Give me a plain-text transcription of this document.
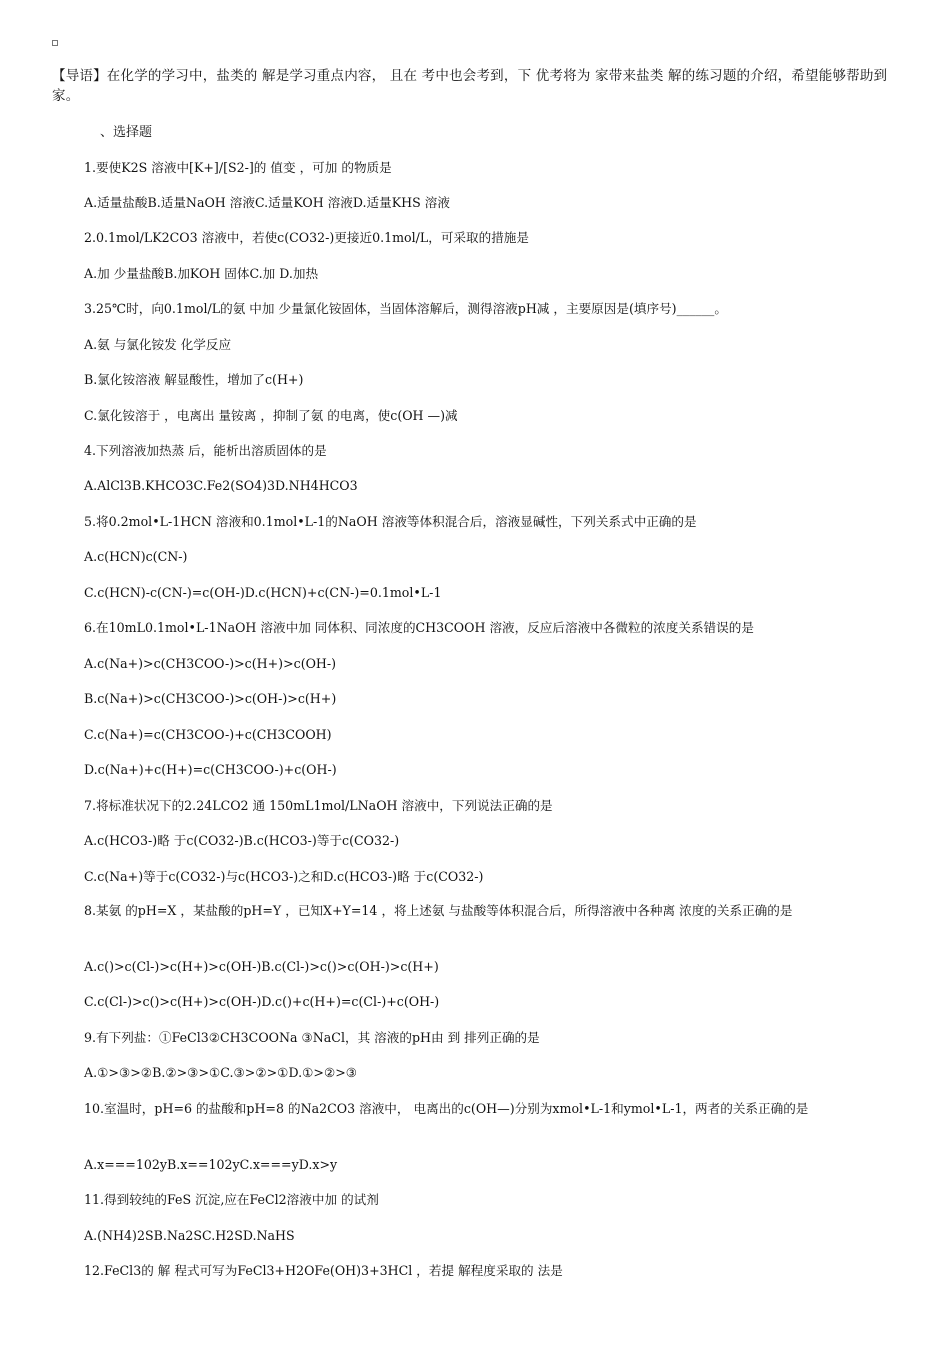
【导语】在化学的学习中，盐类的 解是学习重点内容， 且在 考中也会考到，下 优考将为 家带来盐类 解的练习题的介绍，希望能够帮助到 家。
、选择题
1.要使K2S 溶液中[K+]/[S2-]的 值变 ，可加 的物质是
A.适量盐酸B.适量NaOH 溶液C.适量KOH 溶液D.适量KHS 溶液
2.0.1mol/LK2CO3 溶液中，若使c(CO32-)更接近0.1mol/L，可采取的措施是
A.加 少量盐酸B.加KOH 固体C.加 D.加热
3.25℃时，向0.1mol/L的氨 中加 少量氯化铵固体，当固体溶解后，测得溶液pH减 ，主要原因是(填序号)______。
A.氨 与氯化铵发 化学反应
B.氯化铵溶液 解显酸性，增加了c(H+)
C.氯化铵溶于 ，电离出 量铵离 ，抑制了氨 的电离，使c(OH —)减
4.下列溶液加热蒸 后，能析出溶质固体的是
A.AlCl3B.KHCO3C.Fe2(SO4)3D.NH4HCO3
5.将0.2mol•L-1HCN 溶液和0.1mol•L-1的NaOH 溶液等体积混合后，溶液显碱性，下列关系式中正确的是
A.c(HCN)c(CN-)
C.c(HCN)-c(CN-)=c(OH-)D.c(HCN)+c(CN-)=0.1mol•L-1
6.在10mL0.1mol•L-1NaOH 溶液中加 同体积、同浓度的CH3COOH 溶液，反应后溶液中各微粒的浓度关系错误的是
A.c(Na+)>c(CH3COO-)>c(H+)>c(OH-)
B.c(Na+)>c(CH3COO-)>c(OH-)>c(H+)
C.c(Na+)=c(CH3COO-)+c(CH3COOH)
D.c(Na+)+c(H+)=c(CH3COO-)+c(OH-)
7.将标准状况下的2.24LCO2 通 150mL1mol/LNaOH 溶液中，下列说法正确的是
A.c(HCO3-)略 于c(CO32-)B.c(HCO3-)等于c(CO32-)
C.c(Na+)等于c(CO32-)与c(HCO3-)之和D.c(HCO3-)略 于c(CO32-)
8.某氨 的pH=X ，某盐酸的pH=Y ，已知X+Y=14 ，将上述氨 与盐酸等体积混合后，所得溶液中各种离 浓度的关系正确的是
A.c()>c(Cl-)>c(H+)>c(OH-)B.c(Cl-)>c()>c(OH-)>c(H+)
C.c(Cl-)>c()>c(H+)>c(OH-)D.c()+c(H+)=c(Cl-)+c(OH-)
9.有下列盐：①FeCl3②CH3COONa ③NaCl，其 溶液的pH由 到 排列正确的是
A.①>③>②B.②>③>①C.③>②>①D.①>②>③
10.室温时，pH=6 的盐酸和pH=8 的Na2CO3 溶液中， 电离出的c(OH—)分别为xmol•L-1和ymol•L-1，两者的关系正确的是
A.x===102yB.x==102yC.x===yD.x>y
11.得到较纯的FeS 沉淀,应在FeCl2溶液中加 的试剂
A.(NH4)2SB.Na2SC.H2SD.NaHS
12.FeCl3的 解 程式可写为FeCl3+H2OFe(OH)3+3HCl ，若提 解程度采取的 法是
